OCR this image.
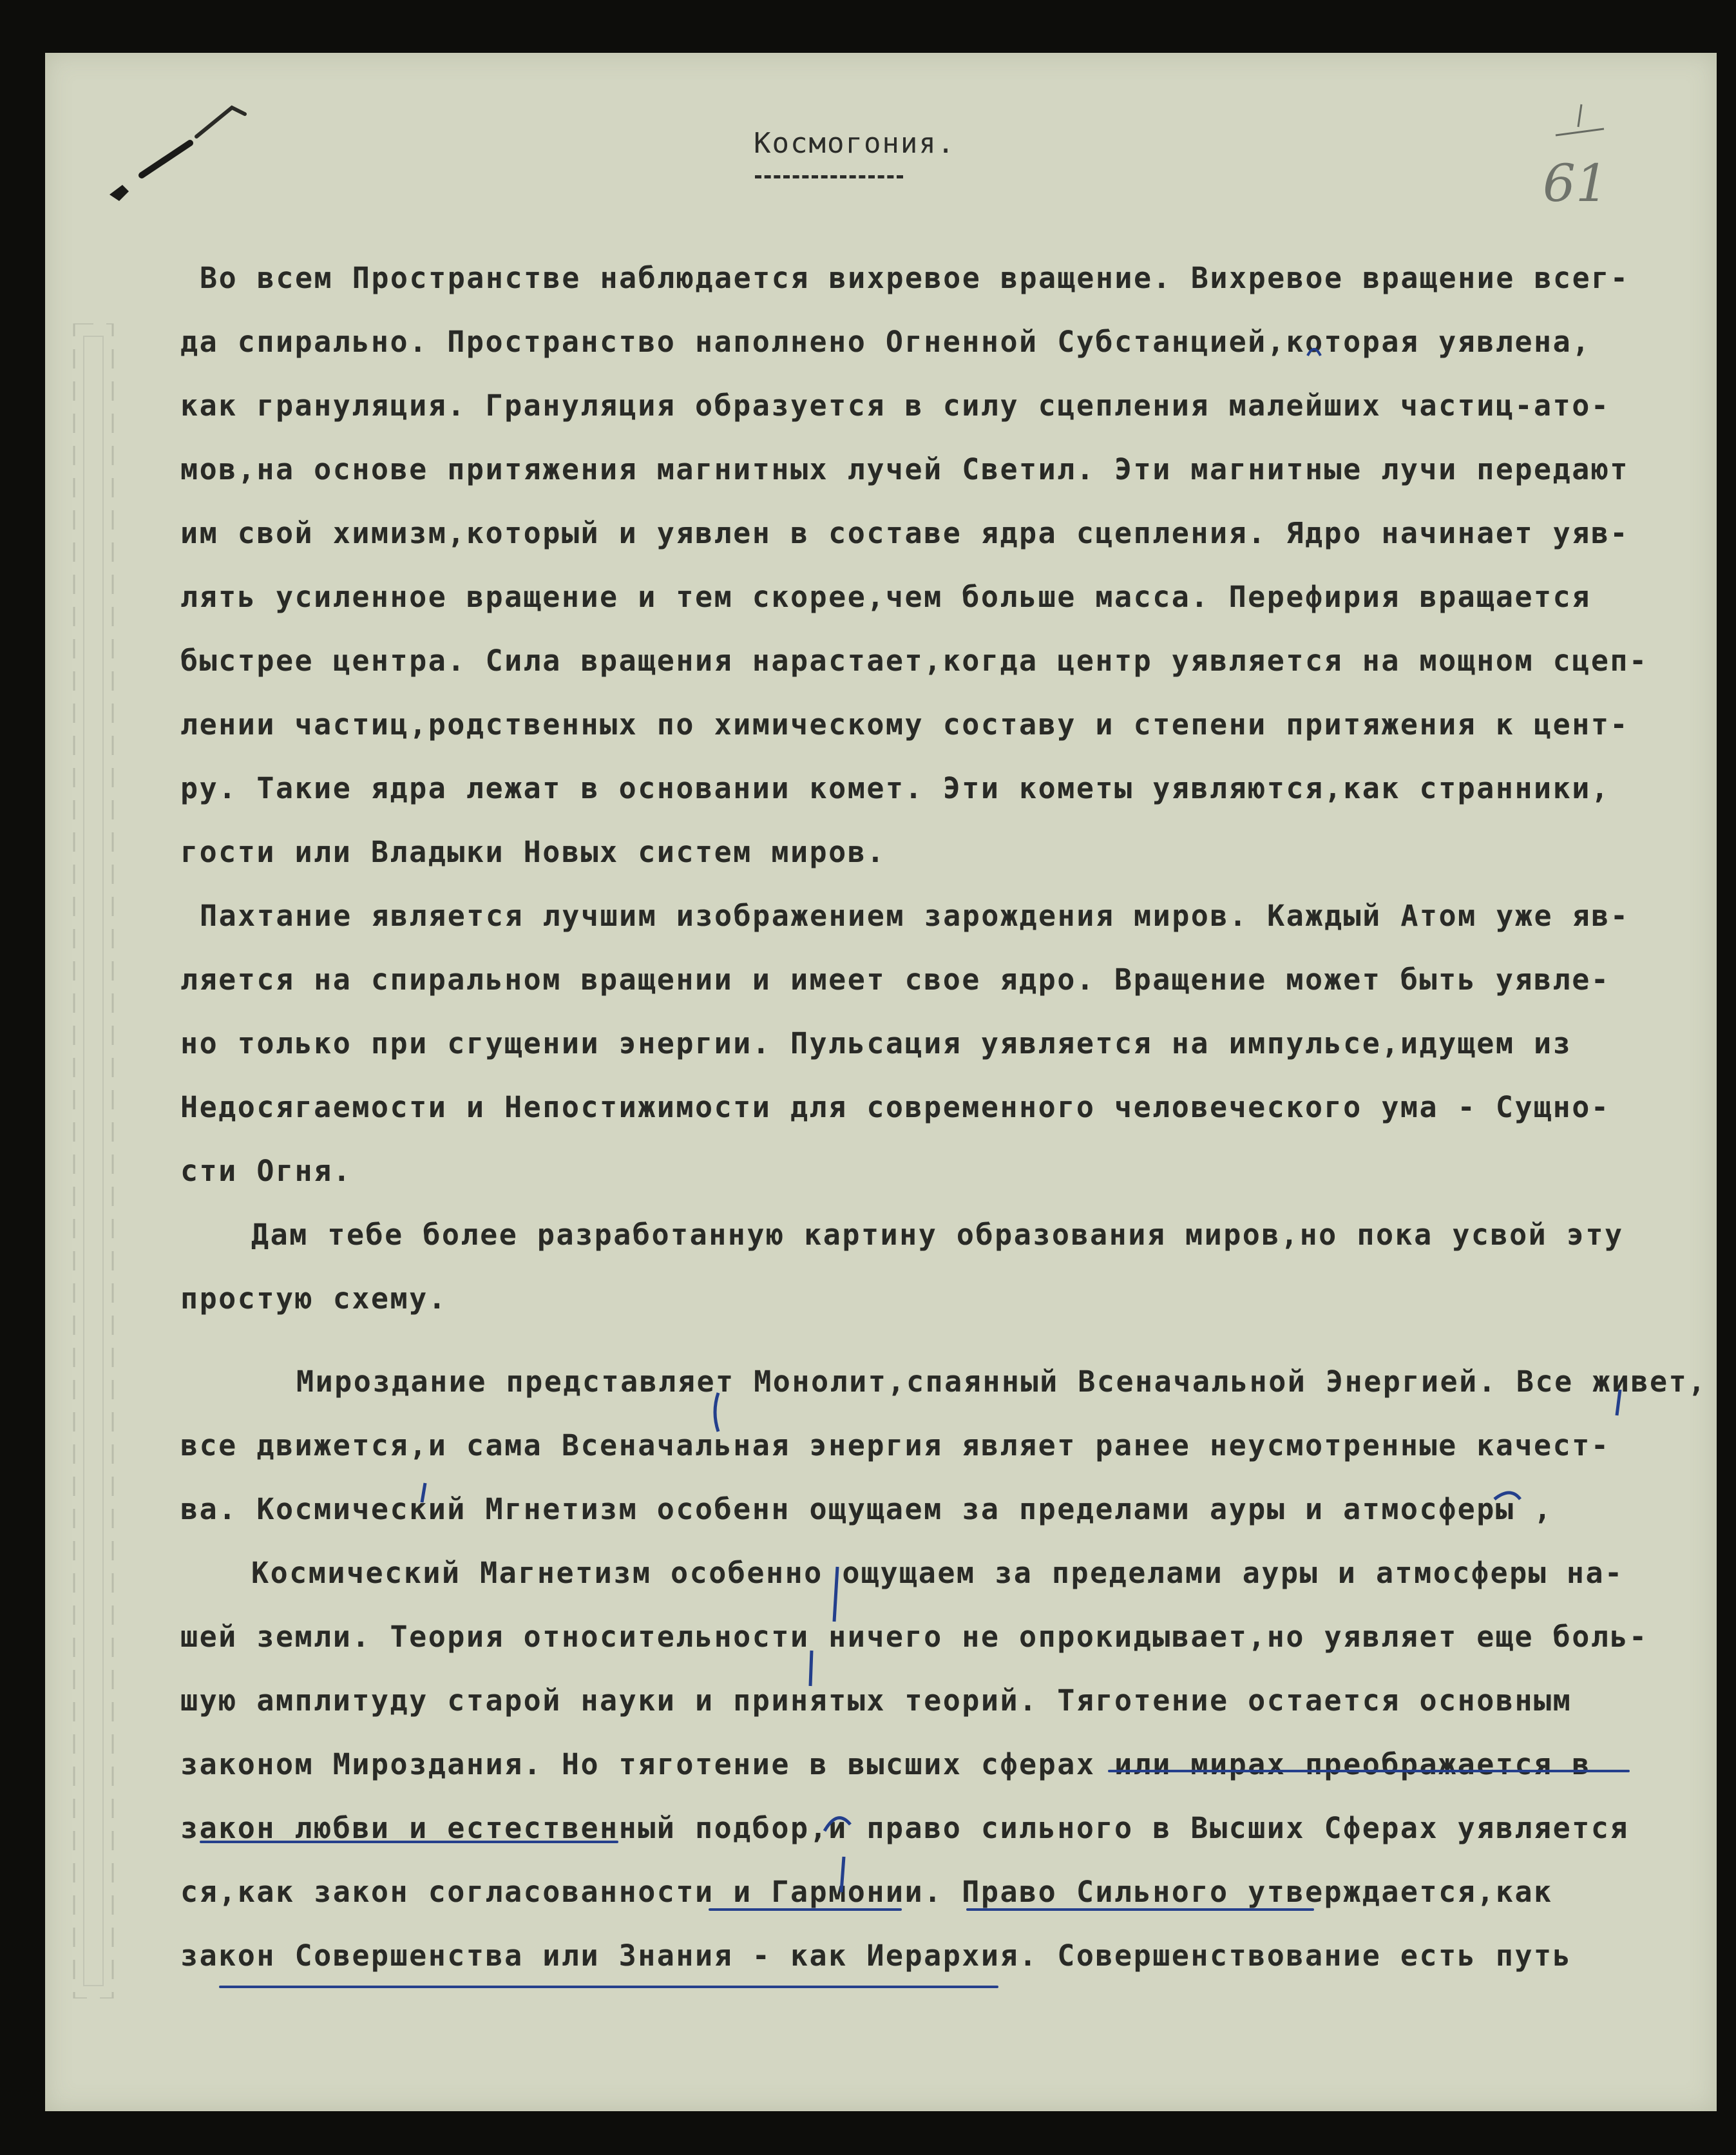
61
Космогония.
Во всем Пространстве наблюдается вихревое вращение. Вихревое вращение всег-
да спирально. Пространство наполнено Огненной Субстанцией,которая уявлена,
как грануляция. Грануляция образуется в силу сцепления малейших частиц-ато-
мов,на основе притяжения магнитных лучей Светил. Эти магнитные лучи передают
им свой химизм,который и уявлен в составе ядра сцепления. Ядро начинает уяв-
лять усиленное вращение и тем скорее,чем больше масса. Перефирия вращается
быстрее центра. Сила вращения нарастает,когда центр уявляется на мощном сцеп-
лении частиц,родственных по химическому составу и степени притяжения к цент-
ру. Такие ядра лежат в основании комет. Эти кометы уявляются,как странники,
гости или Владыки Новых систем миров.
Пахтание является лучшим изображением зарождения миров. Каждый Атом уже яв-
ляется на спиральном вращении и имеет свое ядро. Вращение может быть уявле-
но только при сгущении энергии. Пульсация уявляется на импульсе,идущем из
Недосягаемости и Непостижимости для современного человеческого ума - Сущно-
сти Огня.
Дам тебе более разработанную картину образования миров,но пока усвой эту
простую схему.
Мироздание представляет Монолит,спаянный Всеначальной Энергией. Все живет,
все движется,и сама Всеначальная энергия являет ранее неусмотренные качест-
ва. Космический Мгнетизм особенн ощущаем за пределами ауры и атмосферы ,
Космический Магнетизм особенно ощущаем за пределами ауры и атмосферы на-
шей земли. Теория относительности ничего не опрокидывает,но уявляет еще боль-
шую амплитуду старой науки и принятых теорий. Тяготение остается основным
законом Мироздания. Но тяготение в высших сферах или мирах преображается в
закон любви и естественный подбор,и право сильного в Высших Сферах уявляется
ся,как закон согласованности и Гармонии. Право Сильного утверждается,как
закон Совершенства или Знания - как Иерархия. Совершенствование есть путь
